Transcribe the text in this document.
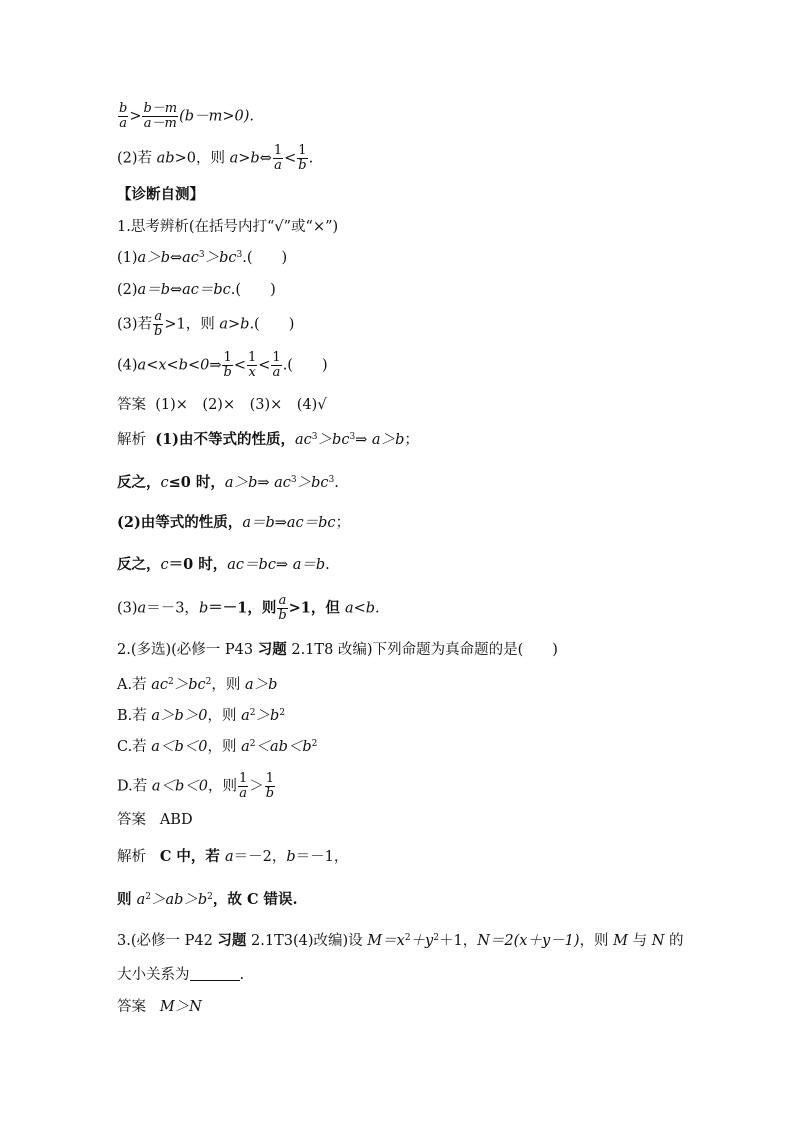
$\frac{b}{a} > \frac{b-m}{a-m} (b-m>0)$.
(2)若 ab>0，则 a>b⇔ $\frac{1}{a} < \frac{1}{b}$ .
【诊断自测】
1.思考辨析(在括号内打“√”或“×”)
$(1)a>b\Leftrightarrow ac^3>bc^3$.(　　)
(2)a＝b⇔ac＝bc.(　　)
(3)若 $\frac{a}{b} >1$，则 a>b.(　　)
(4)a<x<b<0⇒ $\frac{1}{b} < \frac{1}{x} < \frac{1}{a}$ .(　　)
答案 (1)×　(2)×　(3)×　(4)√
解析 (1)由不等式的性质，$ac^3>bc^3\Rightarrow$ a＞b；
反之，c≤0 时，a＞b⇒ $ac^3>bc^3$.
(2)由等式的性质，a＝b⇒ac＝bc；
反之，c＝0 时，ac＝bc⇒ a＝b.
(3)a＝－3，b＝－1，则 $\frac{a}{b} >1$，但 a<b.
2.(多选)(必修一 P43 习题 2.1T8 改编)下列命题为真命题的是(　　)
A.若 $ac^2>bc^2$，则 a＞b
B.若 a＞b＞0，则 $a^2>b^2$
C.若 a＜b＜0，则 $a^2<ab<b^2$
D.若 a＜b＜0，则 $\frac{1}{a} > \frac{1}{b}$
答案 ABD
解析 C 中，若 a＝－2，b＝－1，
则 $a^2>ab>b^2$，故 C 错误.
3.(必修一 P42 习题 2.1T3(4)改编)设 $M=x^2+y^2+1$，N＝2(x＋y－1)，则 M 与 N 的
大小关系为	.
答案 M＞N
